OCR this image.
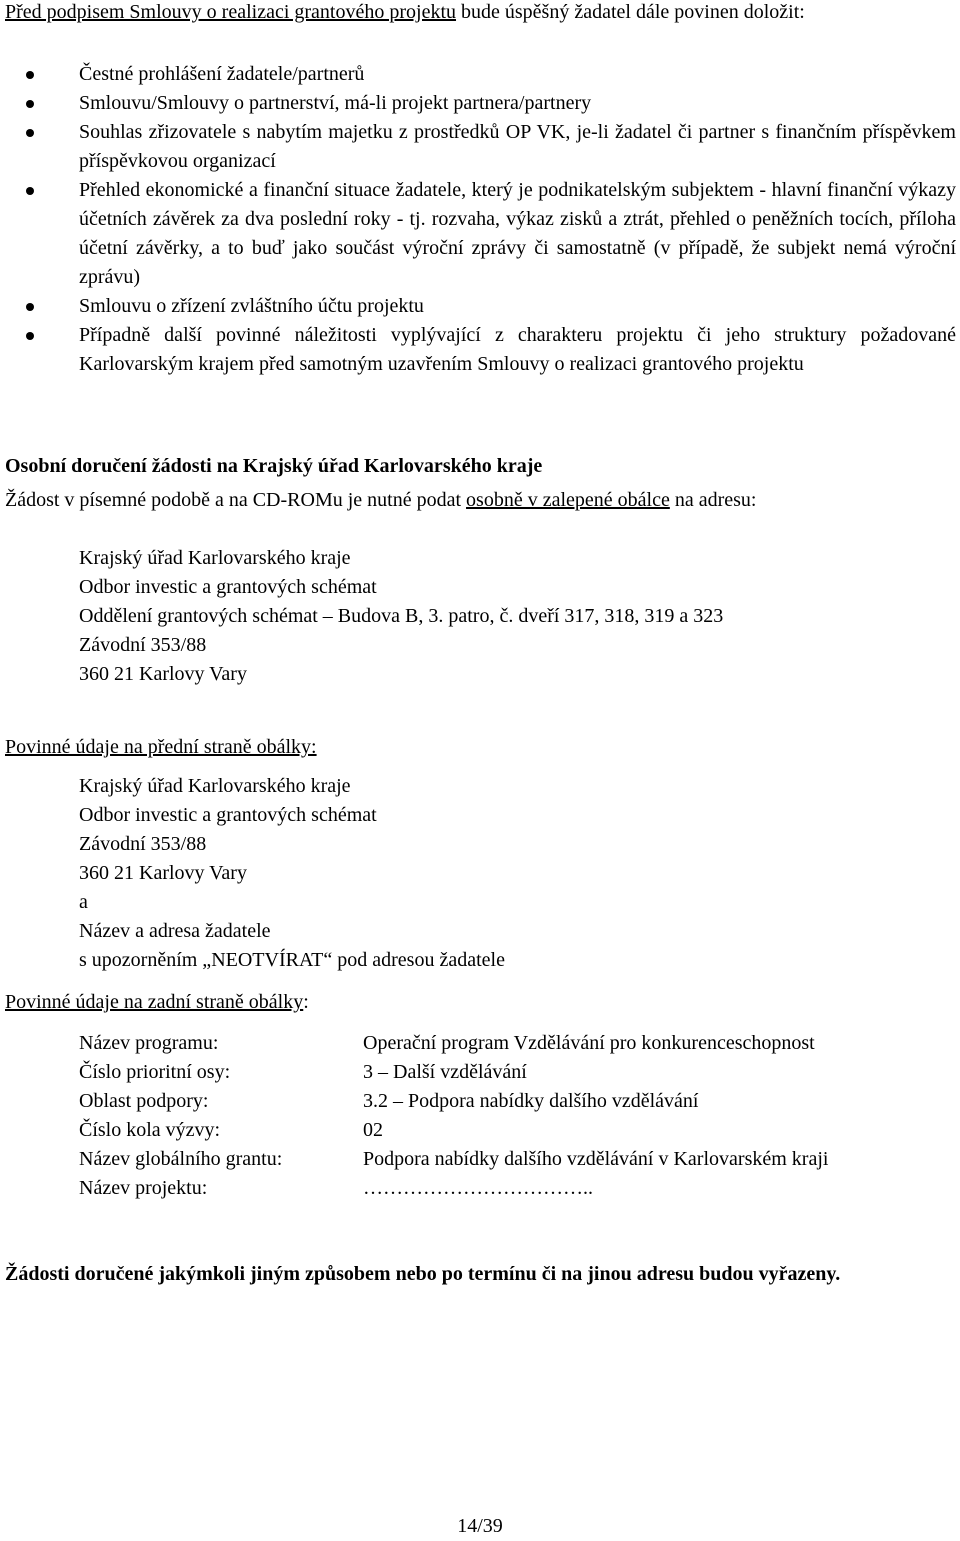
Před podpisem Smlouvy o realizaci grantového projektu bude úspěšný žadatel dále povinen doložit:

Čestné prohlášení žadatele/partnerů
Smlouvu/Smlouvy o partnerství, má-li projekt partnera/partnery
Souhlas zřizovatele s nabytím majetku z prostředků OP VK, je-li žadatel či partner s finančním příspěvkem příspěvkovou organizací
Přehled ekonomické a finanční situace žadatele, který je podnikatelským subjektem - hlavní finanční výkazy účetních závěrek za dva poslední roky - tj. rozvaha, výkaz zisků a ztrát, přehled o peněžních tocích, příloha účetní závěrky, a to buď jako součást výroční zprávy či samostatně (v případě, že subjekt nemá výroční zprávu)
Smlouvu o zřízení zvláštního účtu projektu
Případně další povinné náležitosti vyplývající z charakteru projektu či jeho struktury požadované Karlovarským krajem před samotným uzavřením Smlouvy o realizaci grantového projektu

Osobní doručení žádosti na Krajský úřad Karlovarského kraje

Žádost v písemné podobě a na CD-ROMu je nutné podat osobně v zalepené obálce na adresu:

Krajský úřad Karlovarského kraje
Odbor investic a grantových schémat
Oddělení grantových schémat – Budova B, 3. patro, č. dveří 317, 318, 319 a 323
Závodní 353/88
360 21 Karlovy Vary

Povinné údaje na přední straně obálky:

Krajský úřad Karlovarského kraje
Odbor investic a grantových schémat
Závodní 353/88
360 21 Karlovy Vary
a
Název a adresa žadatele
s upozorněním „NEOTVÍRAT“ pod adresou žadatele

Povinné údaje na zadní straně obálky:

Název programu:	Operační program Vzdělávání pro konkurenceschopnost
Číslo prioritní osy:	3 – Další vzdělávání
Oblast podpory:	3.2 – Podpora nabídky dalšího vzdělávání
Číslo kola výzvy:	02
Název globálního grantu:	Podpora nabídky dalšího vzdělávání v Karlovarském kraji
Název projektu:	……………………………..

Žádosti doručené jakýmkoli jiným způsobem nebo po termínu či na jinou adresu budou vyřazeny.

14/39
